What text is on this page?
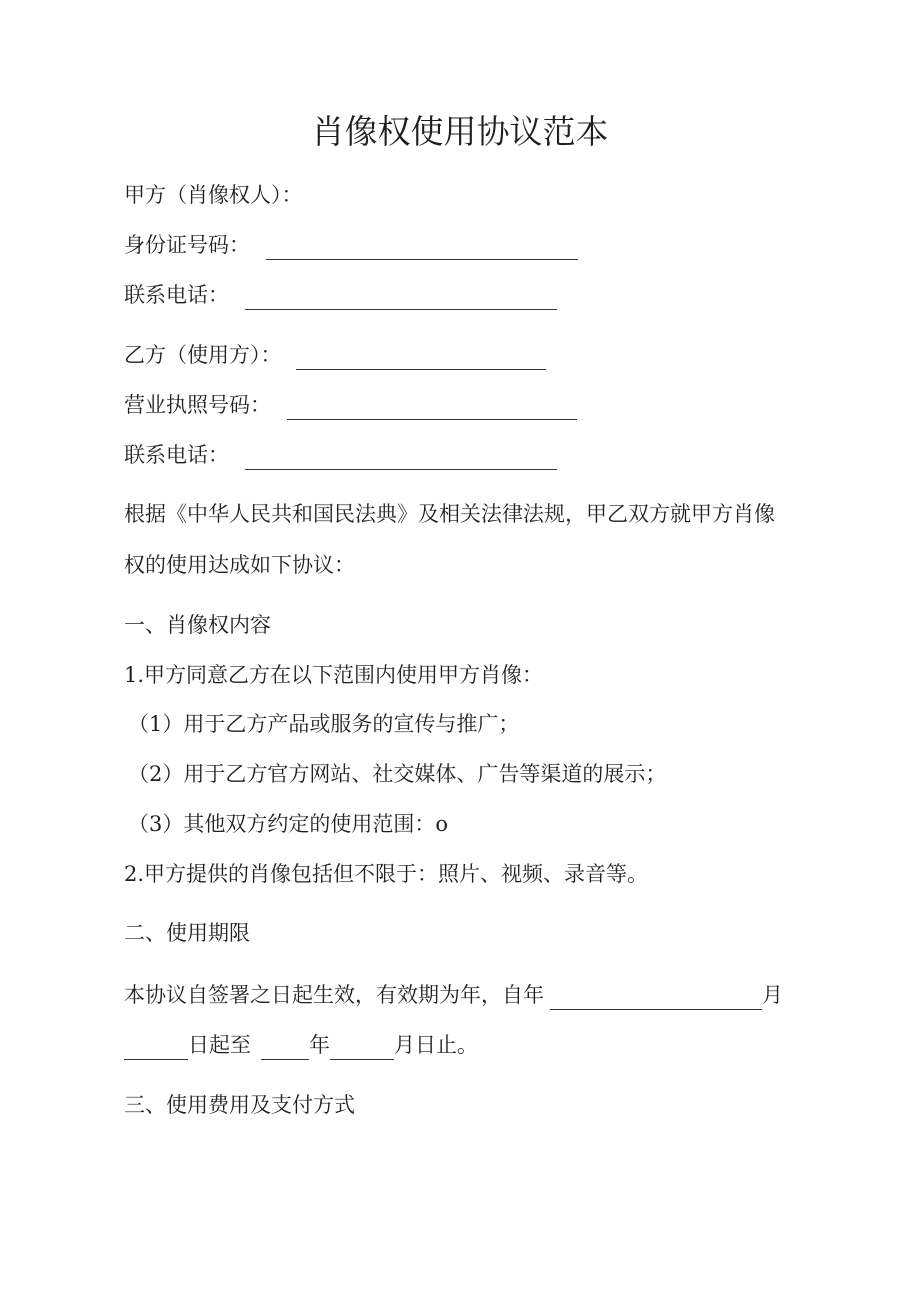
肖像权使用协议范本
甲方（肖像权人）：
身份证号码：
联系电话：
乙方（使用方）：
营业执照号码：
联系电话：
根据《中华人民共和国民法典》及相关法律法规，甲乙双方就甲方肖像
权的使用达成如下协议：
一、肖像权内容
1.甲方同意乙方在以下范围内使用甲方肖像：
（1）用于乙方产品或服务的宣传与推广；
（2）用于乙方官方网站、社交媒体、广告等渠道的展示；
（3）其他双方约定的使用范围：o
2.甲方提供的肖像包括但不限于：照片、视频、录音等。
二、使用期限
本协议自签署之日起生效，有效期为年，自年	月
日起至	年	月日止。
三、使用费用及支付方式
